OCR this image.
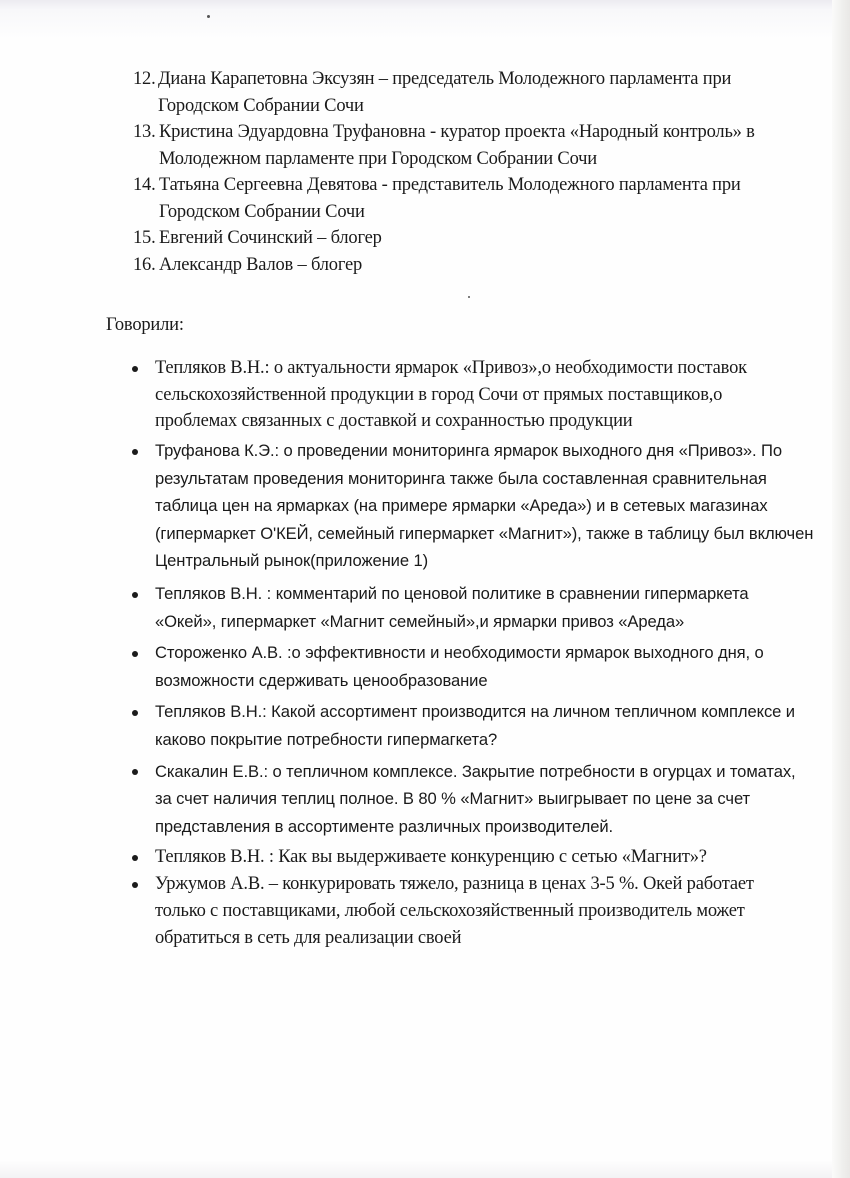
12. Диана Карапетовна Эксузян – председатель Молодежного парламента при Городском Собрании Сочи
13. Кристина Эдуардовна Труфановна - куратор проекта «Народный контроль» в Молодежном парламенте при Городском Собрании Сочи
14. Татьяна Сергеевна Девятова - представитель Молодежного парламента при Городском Собрании Сочи
15. Евгений Сочинский – блогер
16. Александр Валов – блогер
Говорили:
Тепляков В.Н.: о актуальности ярмарок «Привоз»,о необходимости поставок сельскохозяйственной продукции в город Сочи от прямых поставщиков,о проблемах связанных с доставкой и сохранностью продукции
Труфанова К.Э.: о проведении мониторинга ярмарок выходного дня «Привоз». По результатам проведения мониторинга также была составленная сравнительная таблица цен на ярмарках (на примере ярмарки «Ареда») и в сетевых магазинах (гипермаркет О'КЕЙ, семейный гипермаркет «Магнит»), также в таблицу был включен Центральный рынок(приложение 1)
Тепляков В.Н. : комментарий по ценовой политике в сравнении гипермаркета «Окей», гипермаркет «Магнит семейный»,и ярмарки привоз «Ареда»
Стороженко А.В. :о эффективности и необходимости ярмарок выходного дня, о возможности сдерживать ценообразование
Тепляков В.Н.: Какой ассортимент производится на личном тепличном комплексе и каково покрытие потребности гипермагкета?
Скакалин Е.В.: о тепличном комплексе. Закрытие потребности в огурцах и томатах, за счет наличия теплиц полное. В 80 % «Магнит» выигрывает по цене за счет представления в ассортименте различных производителей.
Тепляков В.Н. : Как вы выдерживаете конкуренцию с сетью «Магнит»?
Уржумов А.В. – конкурировать тяжело, разница в ценах 3-5 %. Окей работает только с поставщиками, любой сельскохозяйственный производитель может обратиться в сеть для реализации своей
